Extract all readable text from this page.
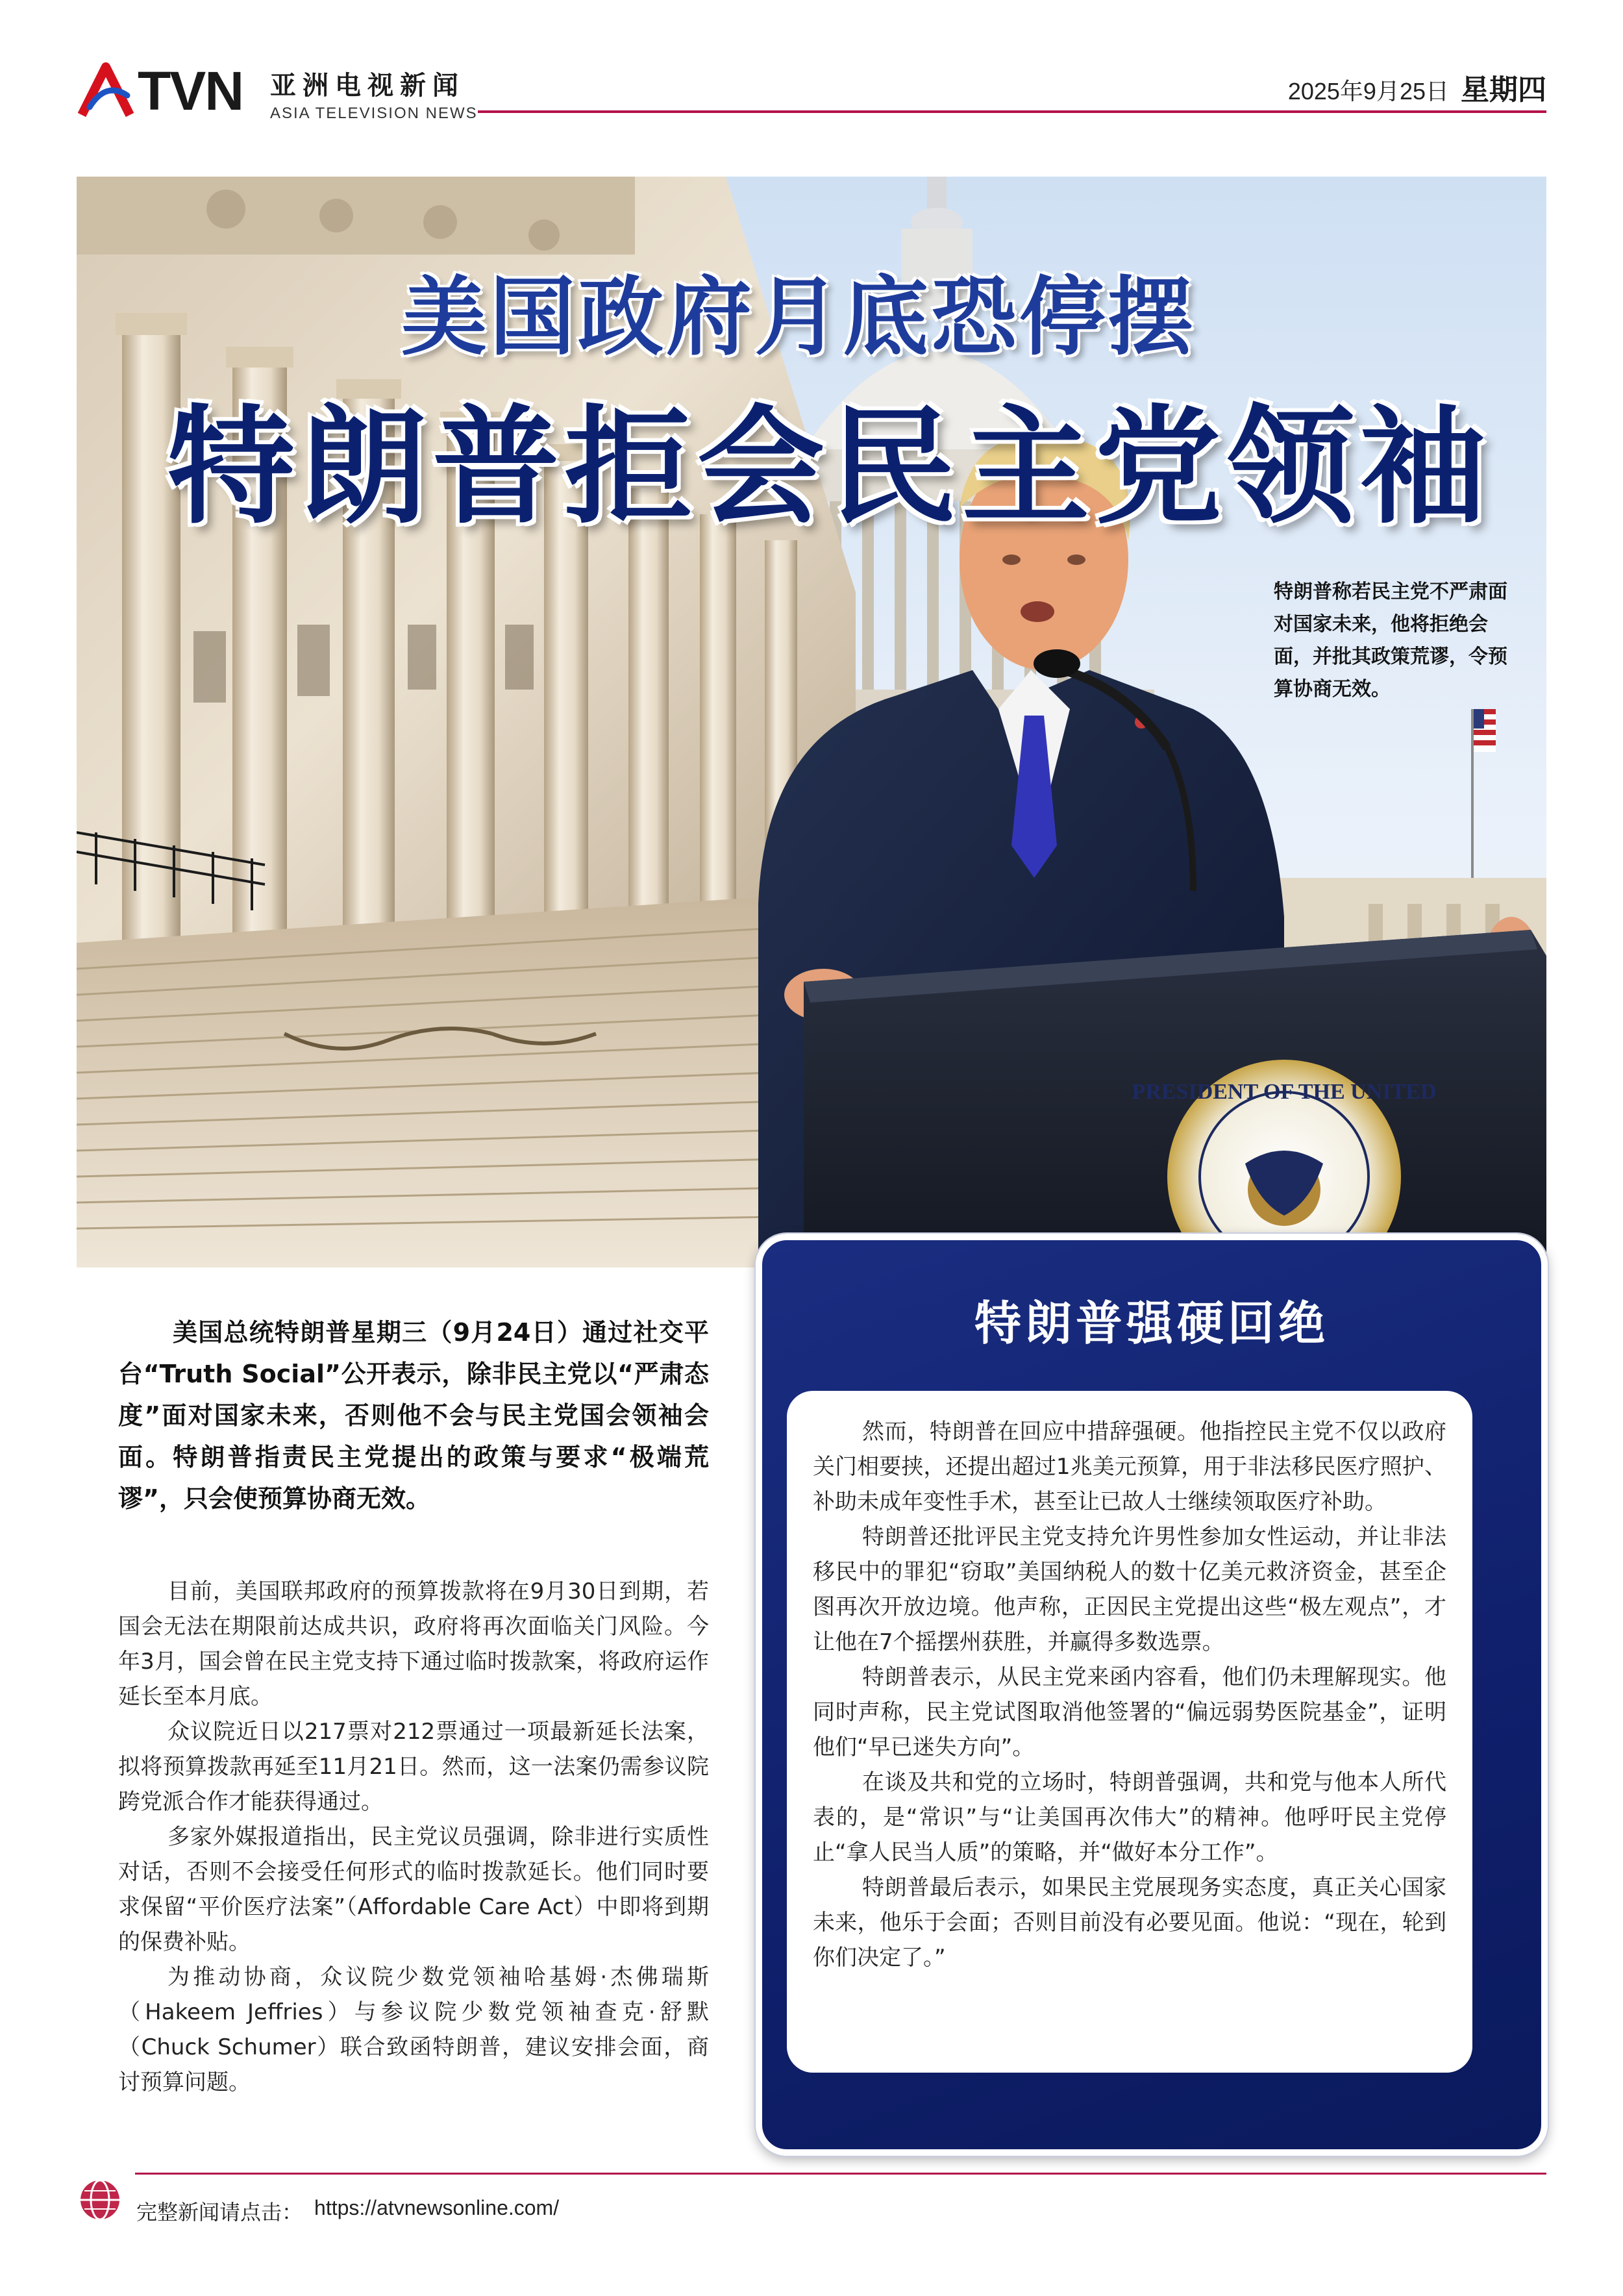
TVN 亚洲电视新闻
ASIA TELEVISION NEWS
2025年9月25日 星期四
PRESIDENT OF THE UNITED
美国政府月底恐停摆
特朗普拒会民主党领袖
特朗普称若民主党不严肃面对国家未来，他将拒绝会面，并批其政策荒谬，令预算协商无效。

美国总统特朗普星期三（9月24日）通过社交平台“Truth Social”公开表示，除非民主党以“严肃态度”面对国家未来，否则他不会与民主党国会领袖会面。特朗普指责民主党提出的政策与要求“极端荒谬”，只会使预算协商无效。

目前，美国联邦政府的预算拨款将在9月30日到期，若国会无法在期限前达成共识，政府将再次面临关门风险。今年3月，国会曾在民主党支持下通过临时拨款案，将政府运作延长至本月底。

众议院近日以217票对212票通过一项最新延长法案，拟将预算拨款再延至11月21日。然而，这一法案仍需参议院跨党派合作才能获得通过。

多家外媒报道指出，民主党议员强调，除非进行实质性对话，否则不会接受任何形式的临时拨款延长。他们同时要求保留“平价医疗法案”（Affordable Care Act）中即将到期的保费补贴。

为推动协商，众议院少数党领袖哈基姆·杰佛瑞斯（Hakeem Jeffries）与参议院少数党领袖查克·舒默（Chuck Schumer）联合致函特朗普，建议安排会面，商讨预算问题。

特朗普强硬回绝

然而，特朗普在回应中措辞强硬。他指控民主党不仅以政府关门相要挟，还提出超过1兆美元预算，用于非法移民医疗照护、补助未成年变性手术，甚至让已故人士继续领取医疗补助。

特朗普还批评民主党支持允许男性参加女性运动，并让非法移民中的罪犯“窃取”美国纳税人的数十亿美元救济资金，甚至企图再次开放边境。他声称，正因民主党提出这些“极左观点”，才让他在7个摇摆州获胜，并赢得多数选票。

特朗普表示，从民主党来函内容看，他们仍未理解现实。他同时声称，民主党试图取消他签署的“偏远弱势医院基金”，证明他们“早已迷失方向”。

在谈及共和党的立场时，特朗普强调，共和党与他本人所代表的，是“常识”与“让美国再次伟大”的精神。他呼吁民主党停止“拿人民当人质”的策略，并“做好本分工作”。

特朗普最后表示，如果民主党展现务实态度，真正关心国家未来，他乐于会面；否则目前没有必要见面。他说：“现在，轮到你们决定了。”

完整新闻请点击： https://atvnewsonline.com/
